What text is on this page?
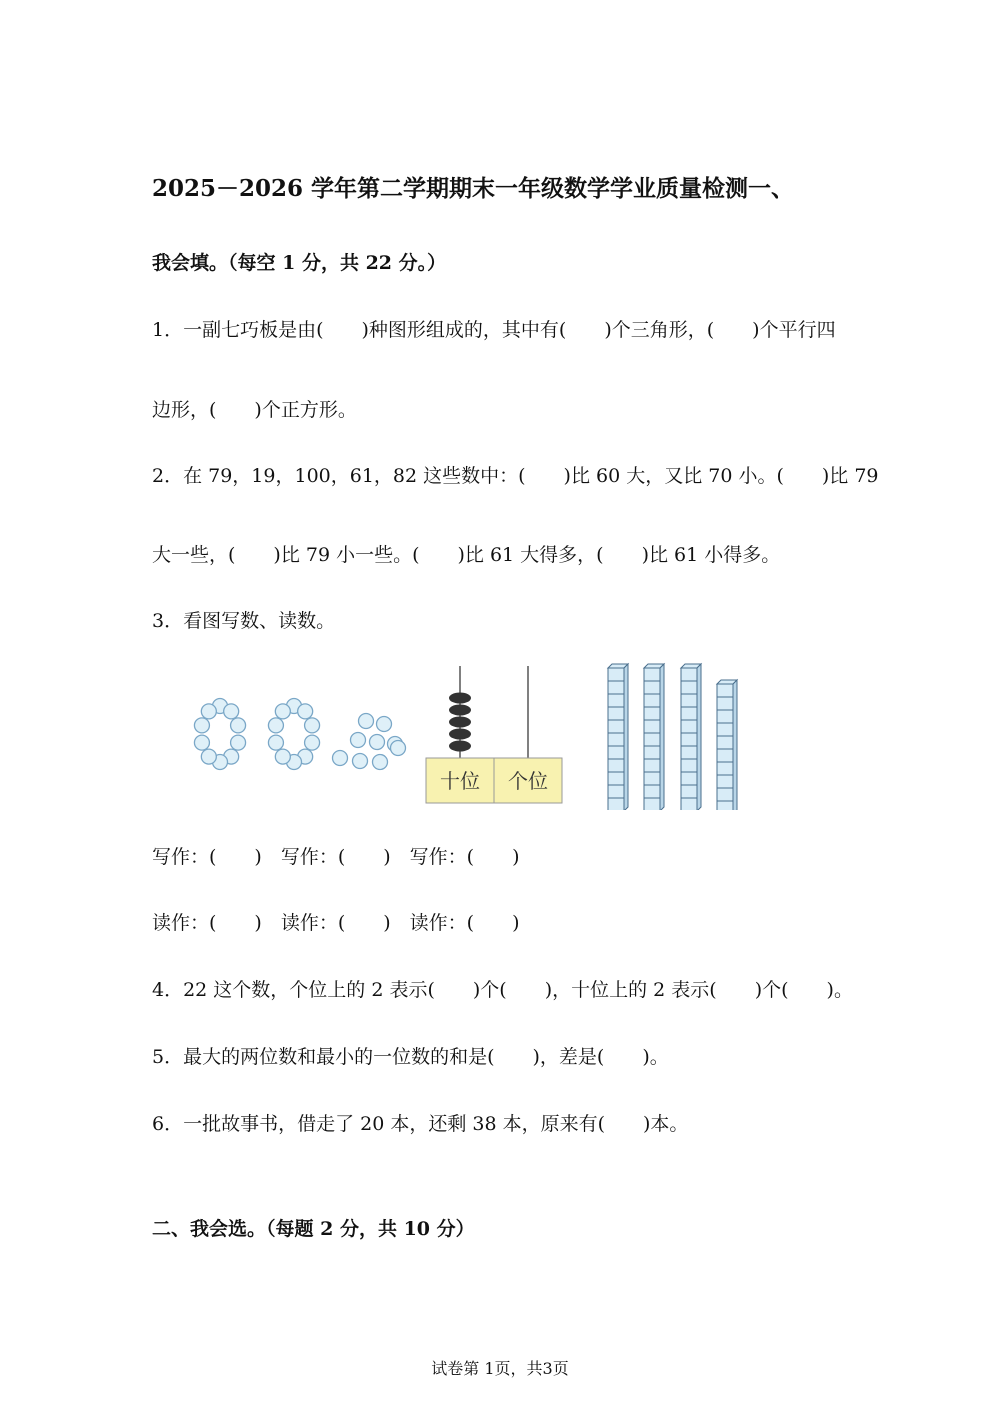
2025－2026 学年第二学期期末一年级数学学业质量检测一、
我会填。（每空 1 分，共 22 分。）
1．一副七巧板是由(　　)种图形组成的，其中有(　　)个三角形，(　　)个平行四
边形，(　　)个正方形。
2．在 79，19，100，61，82 这些数中：(　　)比 60 大，又比 70 小。(　　)比 79
大一些，(　　)比 79 小一些。(　　)比 61 大得多，(　　)比 61 小得多。
3．看图写数、读数。
十位 个位
写作：(　　)　写作：(　　)　写作：(　　)
读作：(　　)　读作：(　　)　读作：(　　)
4．22 这个数，个位上的 2 表示(　　)个(　　)，十位上的 2 表示(　　)个(　　)。
5．最大的两位数和最小的一位数的和是(　　)，差是(　　)。
6．一批故事书，借走了 20 本，还剩 38 本，原来有(　　)本。
二、我会选。（每题 2 分，共 10 分）
试卷第 1页，共3页
